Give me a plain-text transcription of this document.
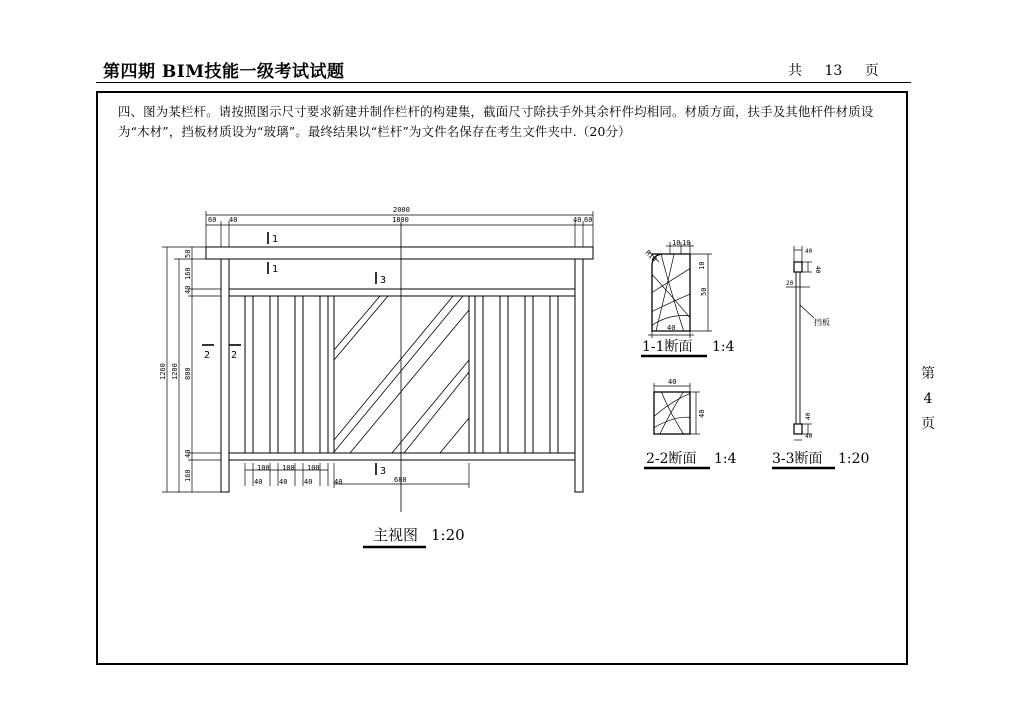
第四期 BIM技能一级考试试题	共 13 页
四、图为某栏杆。请按照图示尺寸要求新建并制作栏杆的构建集，截面尺寸除扶手外其余杆件均相同。材质方面，扶手及其他杆件材质设为“木材”，挡板材质设为“玻璃”。最终结果以“栏杆”为文件名保存在考生文件夹中.（20分）
第
4
页
2000
60 40	1800	40 60
1260 1200
50
160
40
800
40
160
1
1
3
3
2 2
100 100 100
40 40 40	40	680
主视图 1:20
R10
10 10
10
50
40
1-1断面 1:4
40
40
2-2断面 1:4
40
40
20
40
40
挡板
3-3断面 1:20
